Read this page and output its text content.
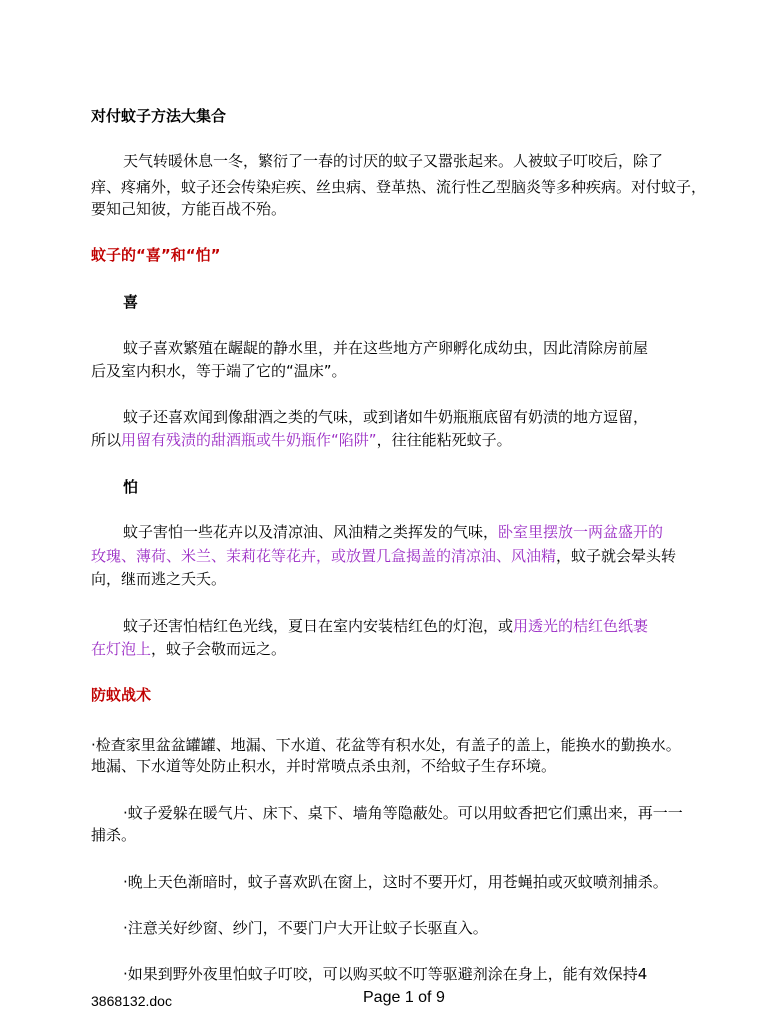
对付蚊子方法大集合
天气转暖休息一冬，繁衍了一春的讨厌的蚊子又嚣张起来。人被蚊子叮咬后，除了
痒、疼痛外，蚊子还会传染疟疾、丝虫病、登革热、流行性乙型脑炎等多种疾病。对付蚊子，
要知己知彼，方能百战不殆。
蚊子的“喜”和“怕”
喜
蚊子喜欢繁殖在龌龊的静水里，并在这些地方产卵孵化成幼虫，因此清除房前屋
后及室内积水，等于端了它的“温床”。
蚊子还喜欢闻到像甜酒之类的气味，或到诸如牛奶瓶瓶底留有奶渍的地方逗留，
所以用留有残渍的甜酒瓶或牛奶瓶作“陷阱”，往往能粘死蚊子。
怕
蚊子害怕一些花卉以及清凉油、风油精之类挥发的气味，卧室里摆放一两盆盛开的
玫瑰、薄荷、米兰、茉莉花等花卉，或放置几盒揭盖的清凉油、风油精，蚊子就会晕头转
向，继而逃之夭夭。
蚊子还害怕桔红色光线，夏日在室内安装桔红色的灯泡，或用透光的桔红色纸裹
在灯泡上，蚊子会敬而远之。
防蚊战术
·检查家里盆盆罐罐、地漏、下水道、花盆等有积水处，有盖子的盖上，能换水的勤换水。
地漏、下水道等处防止积水，并时常喷点杀虫剂，不给蚊子生存环境。
·蚊子爱躲在暖气片、床下、桌下、墙角等隐蔽处。可以用蚊香把它们熏出来，再一一
捕杀。
·晚上天色渐暗时，蚊子喜欢趴在窗上，这时不要开灯，用苍蝇拍或灭蚊喷剂捕杀。
·注意关好纱窗、纱门，不要门户大开让蚊子长驱直入。
·如果到野外夜里怕蚊子叮咬，可以购买蚊不叮等驱避剂涂在身上，能有效保持4
3868132.doc	Page 1 of 9
